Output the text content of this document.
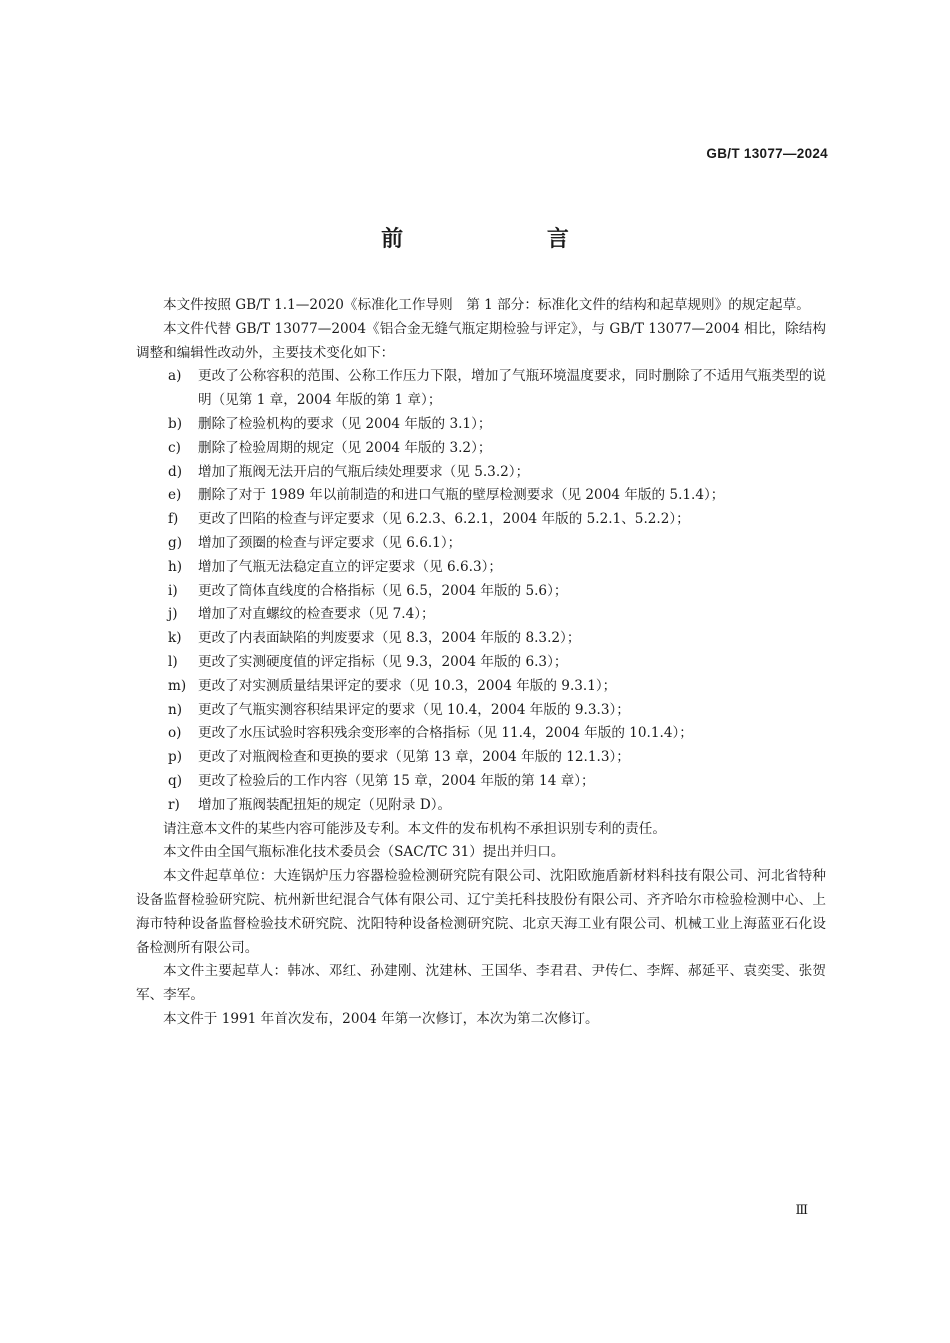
GB/T 13077—2024
前 言

本文件按照 GB/T 1.1—2020《标准化工作导则　第 1 部分：标准化文件的结构和起草规则》的规定起草。

本文件代替 GB/T 13077—2004《铝合金无缝气瓶定期检验与评定》，与 GB/T 13077—2004 相比，除结构调整和编辑性改动外，主要技术变化如下：

a)	更改了公称容积的范围、公称工作压力下限，增加了气瓶环境温度要求，同时删除了不适用气瓶类型的说明（见第 1 章，2004 年版的第 1 章）；
b)	删除了检验机构的要求（见 2004 年版的 3.1）；
c)	删除了检验周期的规定（见 2004 年版的 3.2）；
d)	增加了瓶阀无法开启的气瓶后续处理要求（见 5.3.2）；
e)	删除了对于 1989 年以前制造的和进口气瓶的壁厚检测要求（见 2004 年版的 5.1.4）；
f)	更改了凹陷的检查与评定要求（见 6.2.3、6.2.1，2004 年版的 5.2.1、5.2.2）；
g)	增加了颈圈的检查与评定要求（见 6.6.1）；
h)	增加了气瓶无法稳定直立的评定要求（见 6.6.3）；
i)	更改了筒体直线度的合格指标（见 6.5，2004 年版的 5.6）；
j)	增加了对直螺纹的检查要求（见 7.4）；
k)	更改了内表面缺陷的判废要求（见 8.3，2004 年版的 8.3.2）；
l)	更改了实测硬度值的评定指标（见 9.3，2004 年版的 6.3）；
m) 更改了对实测质量结果评定的要求（见 10.3，2004 年版的 9.3.1）；
n)	更改了气瓶实测容积结果评定的要求（见 10.4，2004 年版的 9.3.3）；
o)	更改了水压试验时容积残余变形率的合格指标（见 11.4，2004 年版的 10.1.4）；
p)	更改了对瓶阀检查和更换的要求（见第 13 章，2004 年版的 12.1.3）；
q)	更改了检验后的工作内容（见第 15 章，2004 年版的第 14 章）；
r)	增加了瓶阀装配扭矩的规定（见附录 D）。

请注意本文件的某些内容可能涉及专利。本文件的发布机构不承担识别专利的责任。

本文件由全国气瓶标准化技术委员会（SAC/TC 31）提出并归口。

本文件起草单位：大连锅炉压力容器检验检测研究院有限公司、沈阳欧施盾新材料科技有限公司、河北省特种设备监督检验研究院、杭州新世纪混合气体有限公司、辽宁美托科技股份有限公司、齐齐哈尔市检验检测中心、上海市特种设备监督检验技术研究院、沈阳特种设备检测研究院、北京天海工业有限公司、机械工业上海蓝亚石化设备检测所有限公司。

本文件主要起草人：韩冰、邓红、孙建刚、沈建林、王国华、李君君、尹传仁、李辉、郝延平、袁奕雯、张贺军、李军。

本文件于 1991 年首次发布，2004 年第一次修订，本次为第二次修订。

Ⅲ
